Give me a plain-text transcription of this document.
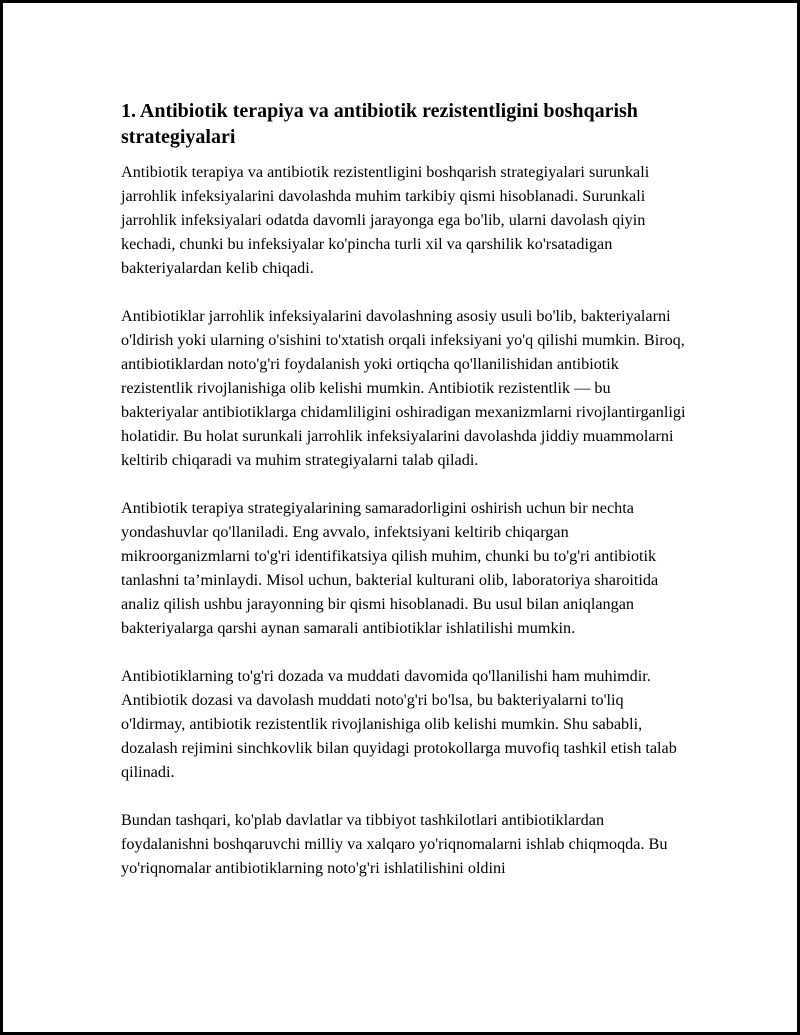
1. Antibiotik terapiya va antibiotik rezistentligini boshqarish strategiyalari

Antibiotik terapiya va antibiotik rezistentligini boshqarish strategiyalari surunkali jarrohlik infeksiyalarini davolashda muhim tarkibiy qismi hisoblanadi. Surunkali jarrohlik infeksiyalari odatda davomli jarayonga ega bo'lib, ularni davolash qiyin kechadi, chunki bu infeksiyalar ko'pincha turli xil va qarshilik ko'rsatadigan bakteriyalardan kelib chiqadi.

Antibiotiklar jarrohlik infeksiyalarini davolashning asosiy usuli bo'lib, bakteriyalarni o'ldirish yoki ularning o'sishini to'xtatish orqali infeksiyani yo'q qilishi mumkin. Biroq, antibiotiklardan noto'g'ri foydalanish yoki ortiqcha qo'llanilishidan antibiotik rezistentlik rivojlanishiga olib kelishi mumkin. Antibiotik rezistentlik — bu bakteriyalar antibiotiklarga chidamliligini oshiradigan mexanizmlarni rivojlantirganligi holatidir. Bu holat surunkali jarrohlik infeksiyalarini davolashda jiddiy muammolarni keltirib chiqaradi va muhim strategiyalarni talab qiladi.

Antibiotik terapiya strategiyalarining samaradorligini oshirish uchun bir nechta yondashuvlar qo'llaniladi. Eng avvalo, infektsiyani keltirib chiqargan mikroorganizmlarni to'g'ri identifikatsiya qilish muhim, chunki bu to'g'ri antibiotik tanlashni ta’minlaydi. Misol uchun, bakterial kulturani olib, laboratoriya sharoitida analiz qilish ushbu jarayonning bir qismi hisoblanadi. Bu usul bilan aniqlangan bakteriyalarga qarshi aynan samarali antibiotiklar ishlatilishi mumkin.

Antibiotiklarning to'g'ri dozada va muddati davomida qo'llanilishi ham muhimdir. Antibiotik dozasi va davolash muddati noto'g'ri bo'lsa, bu bakteriyalarni to'liq o'ldirmay, antibiotik rezistentlik rivojlanishiga olib kelishi mumkin. Shu sababli, dozalash rejimini sinchkovlik bilan quyidagi protokollarga muvofiq tashkil etish talab qilinadi.

Bundan tashqari, ko'plab davlatlar va tibbiyot tashkilotlari antibiotiklardan foydalanishni boshqaruvchi milliy va xalqaro yo'riqnomalarni ishlab chiqmoqda. Bu yo'riqnomalar antibiotiklarning noto'g'ri ishlatilishini oldini
